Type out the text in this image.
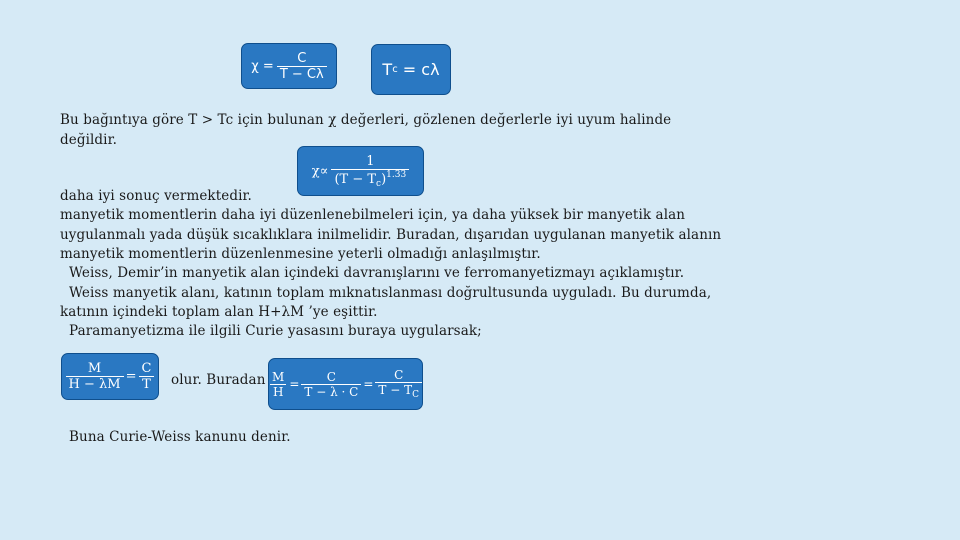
$\chi = \frac{C}{T - C\lambda}$	T c
= cλ
Bu bağıntıya göre T > Tc için bulunan χ değerleri, gözlenen değerlerle iyi uyum halinde
değildir.
$\chi\propto \frac{1}{(T - T_c)^{1.33}}$
daha iyi sonuç vermektedir.
manyetik momentlerin daha iyi düzenlenebilmeleri için, ya daha yüksek bir manyetik alan
uygulanmalı yada düşük sıcaklıklara inilmelidir. Buradan, dışarıdan uygulanan manyetik alanın
manyetik momentlerin düzenlenmesine yeterli olmadığı anlaşılmıştır.
Weiss, Demir’in manyetik alan içindeki davranışlarını ve ferromanyetizmayı açıklamıştır.
Weiss manyetik alanı, katının toplam mıknatıslanması doğrultusunda uyguladı. Bu durumda,
katının içindeki toplam alan H+λM ’ye eşittir.
Paramanyetizma ile ilgili Curie yasasını buraya uygularsak;
$\frac{M}{H - \lambda M} = \frac{C}{T}$ olur. Buradan $\frac{M}{H} = \frac{C}{T - \lambda \cdot C} = \frac{C}{T - T_C}$
Buna Curie-Weiss kanunu denir.
